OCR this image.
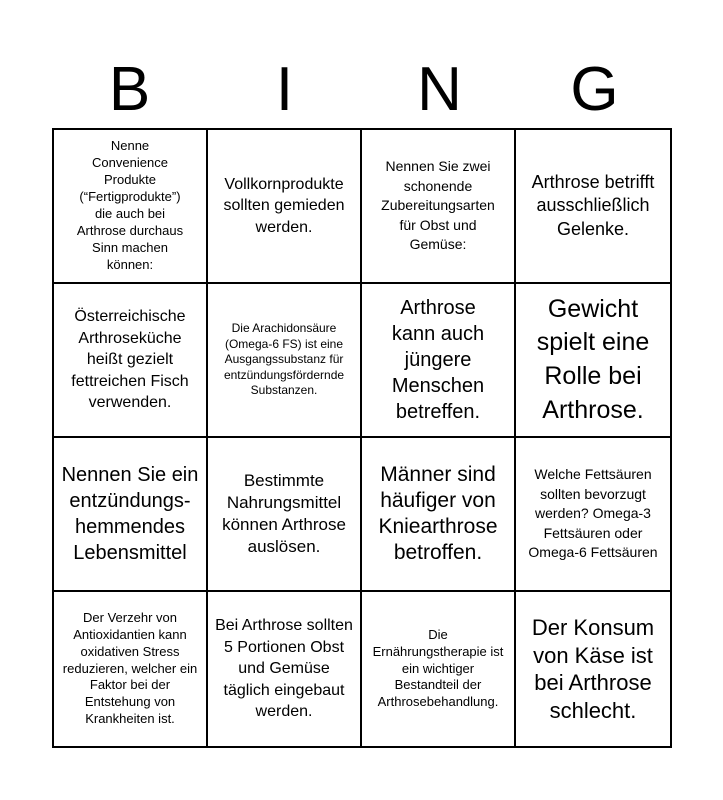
B	I	N	G
Nenne Convenience Produkte (“Fertigprodukte”) die auch bei Arthrose durchaus Sinn machen können:
Vollkornprodukte sollten gemieden werden.
Nennen Sie zwei schonende Zubereitungsarten für Obst und Gemüse:
Arthrose betrifft ausschließlich Gelenke.
Österreichische Arthroseküche heißt gezielt fettreichen Fisch verwenden.
Die Arachidonsäure (Omega-6 FS) ist eine Ausgangssubstanz für entzündungsfördernde Substanzen.
Arthrose kann auch jüngere Menschen betreffen.
Gewicht spielt eine Rolle bei Arthrose.
Nennen Sie ein entzündungs-hemmendes Lebensmittel
Bestimmte Nahrungsmittel können Arthrose auslösen.
Männer sind häufiger von Kniearthrose betroffen.
Welche Fettsäuren sollten bevorzugt werden? Omega-3 Fettsäuren oder Omega-6 Fettsäuren
Der Verzehr von Antioxidantien kann oxidativen Stress reduzieren, welcher ein Faktor bei der Entstehung von Krankheiten ist.
Bei Arthrose sollten 5 Portionen Obst und Gemüse täglich eingebaut werden.
Die Ernährungstherapie ist ein wichtiger Bestandteil der Arthrosebehandlung.
Der Konsum von Käse ist bei Arthrose schlecht.
